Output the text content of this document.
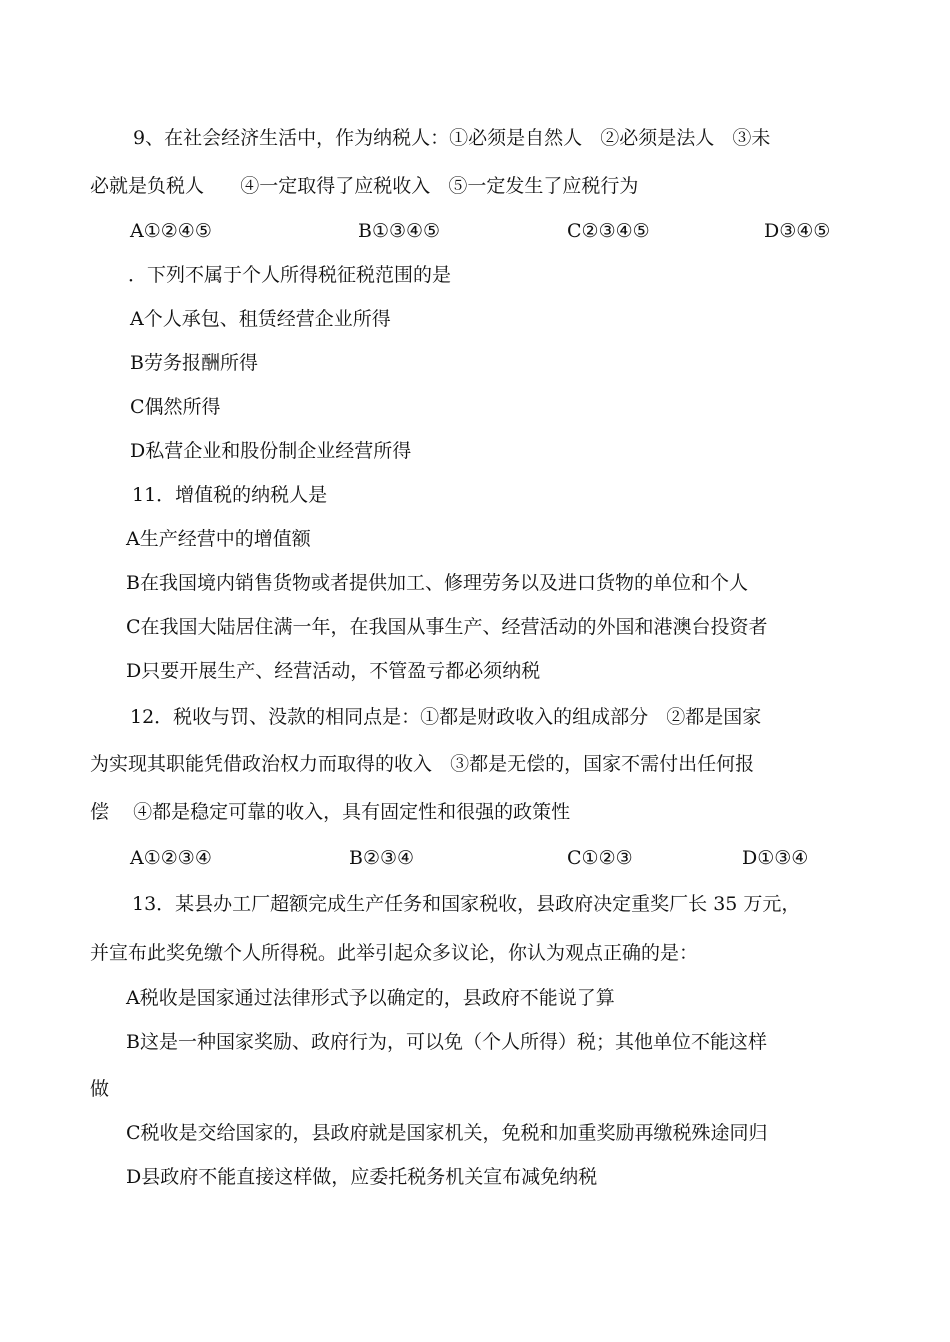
9、在社会经济生活中，作为纳税人：①必须是自然人   ②必须是法人   ③未
必就是负税人      ④一定取得了应税收入   ⑤一定发生了应税行为
A①②④⑤	B①③④⑤	C②③④⑤	D③④⑤
．下列不属于个人所得税征税范围的是
A个人承包、租赁经营企业所得
B劳务报酬所得
C偶然所得
D私营企业和股份制企业经营所得
11．增值税的纳税人是
A生产经营中的增值额
B在我国境内销售货物或者提供加工、修理劳务以及进口货物的单位和个人
C在我国大陆居住满一年，在我国从事生产、经营活动的外国和港澳台投资者
D只要开展生产、经营活动，不管盈亏都必须纳税
12．税收与罚、没款的相同点是：①都是财政收入的组成部分   ②都是国家
为实现其职能凭借政治权力而取得的收入   ③都是无偿的，国家不需付出任何报
偿    ④都是稳定可靠的收入，具有固定性和很强的政策性
A①②③④	B②③④	C①②③	D①③④
13．某县办工厂超额完成生产任务和国家税收，县政府决定重奖厂长 35 万元，
并宣布此奖免缴个人所得税。此举引起众多议论，你认为观点正确的是：
A税收是国家通过法律形式予以确定的，县政府不能说了算
B这是一种国家奖励、政府行为，可以免（个人所得）税；其他单位不能这样
做
C税收是交给国家的，县政府就是国家机关，免税和加重奖励再缴税殊途同归
D县政府不能直接这样做，应委托税务机关宣布减免纳税
